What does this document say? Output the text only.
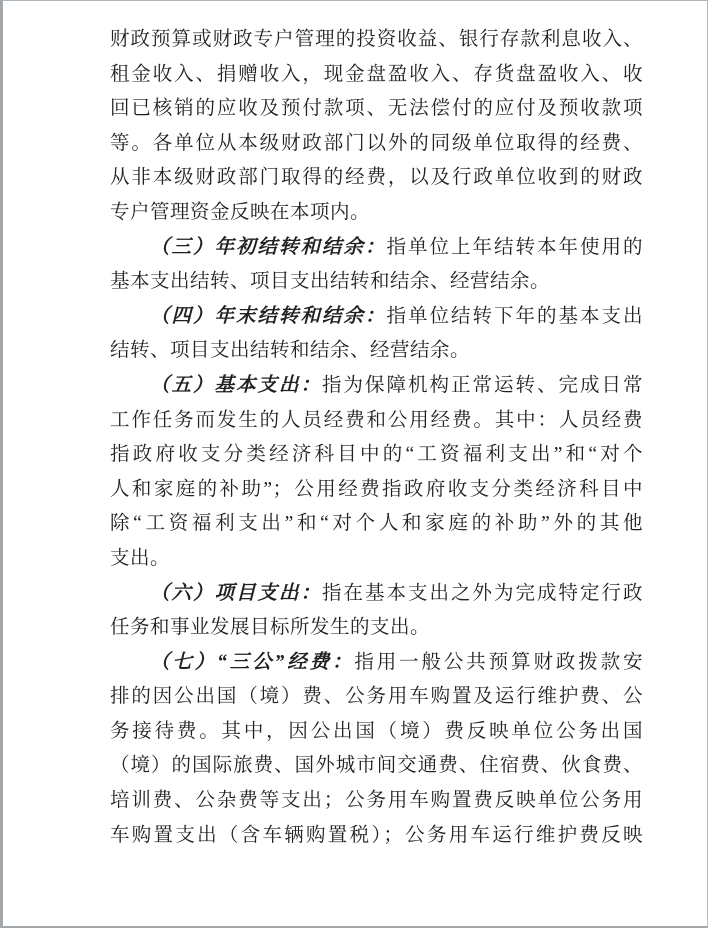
财政预算或财政专户管理的投资收益、银行存款利息收入、
租金收入、捐赠收入，现金盘盈收入、存货盘盈收入、收
回已核销的应收及预付款项、无法偿付的应付及预收款项
等。各单位从本级财政部门以外的同级单位取得的经费、
从非本级财政部门取得的经费，以及行政单位收到的财政
专户管理资金反映在本项内。
（三）年初结转和结余：指单位上年结转本年使用的
基本支出结转、项目支出结转和结余、经营结余。
（四）年末结转和结余：指单位结转下年的基本支出
结转、项目支出结转和结余、经营结余。
（五）基本支出：指为保障机构正常运转、完成日常
工作任务而发生的人员经费和公用经费。其中：人员经费
指政府收支分类经济科目中的“工资福利支出”和“对个
人和家庭的补助”；公用经费指政府收支分类经济科目中
除“工资福利支出”和“对个人和家庭的补助”外的其他
支出。
（六）项目支出：指在基本支出之外为完成特定行政
任务和事业发展目标所发生的支出。
（七）“三公”经费：指用一般公共预算财政拨款安
排的因公出国（境）费、公务用车购置及运行维护费、公
务接待费。其中，因公出国（境）费反映单位公务出国
（境）的国际旅费、国外城市间交通费、住宿费、伙食费、
培训费、公杂费等支出；公务用车购置费反映单位公务用
车购置支出（含车辆购置税）；公务用车运行维护费反映
